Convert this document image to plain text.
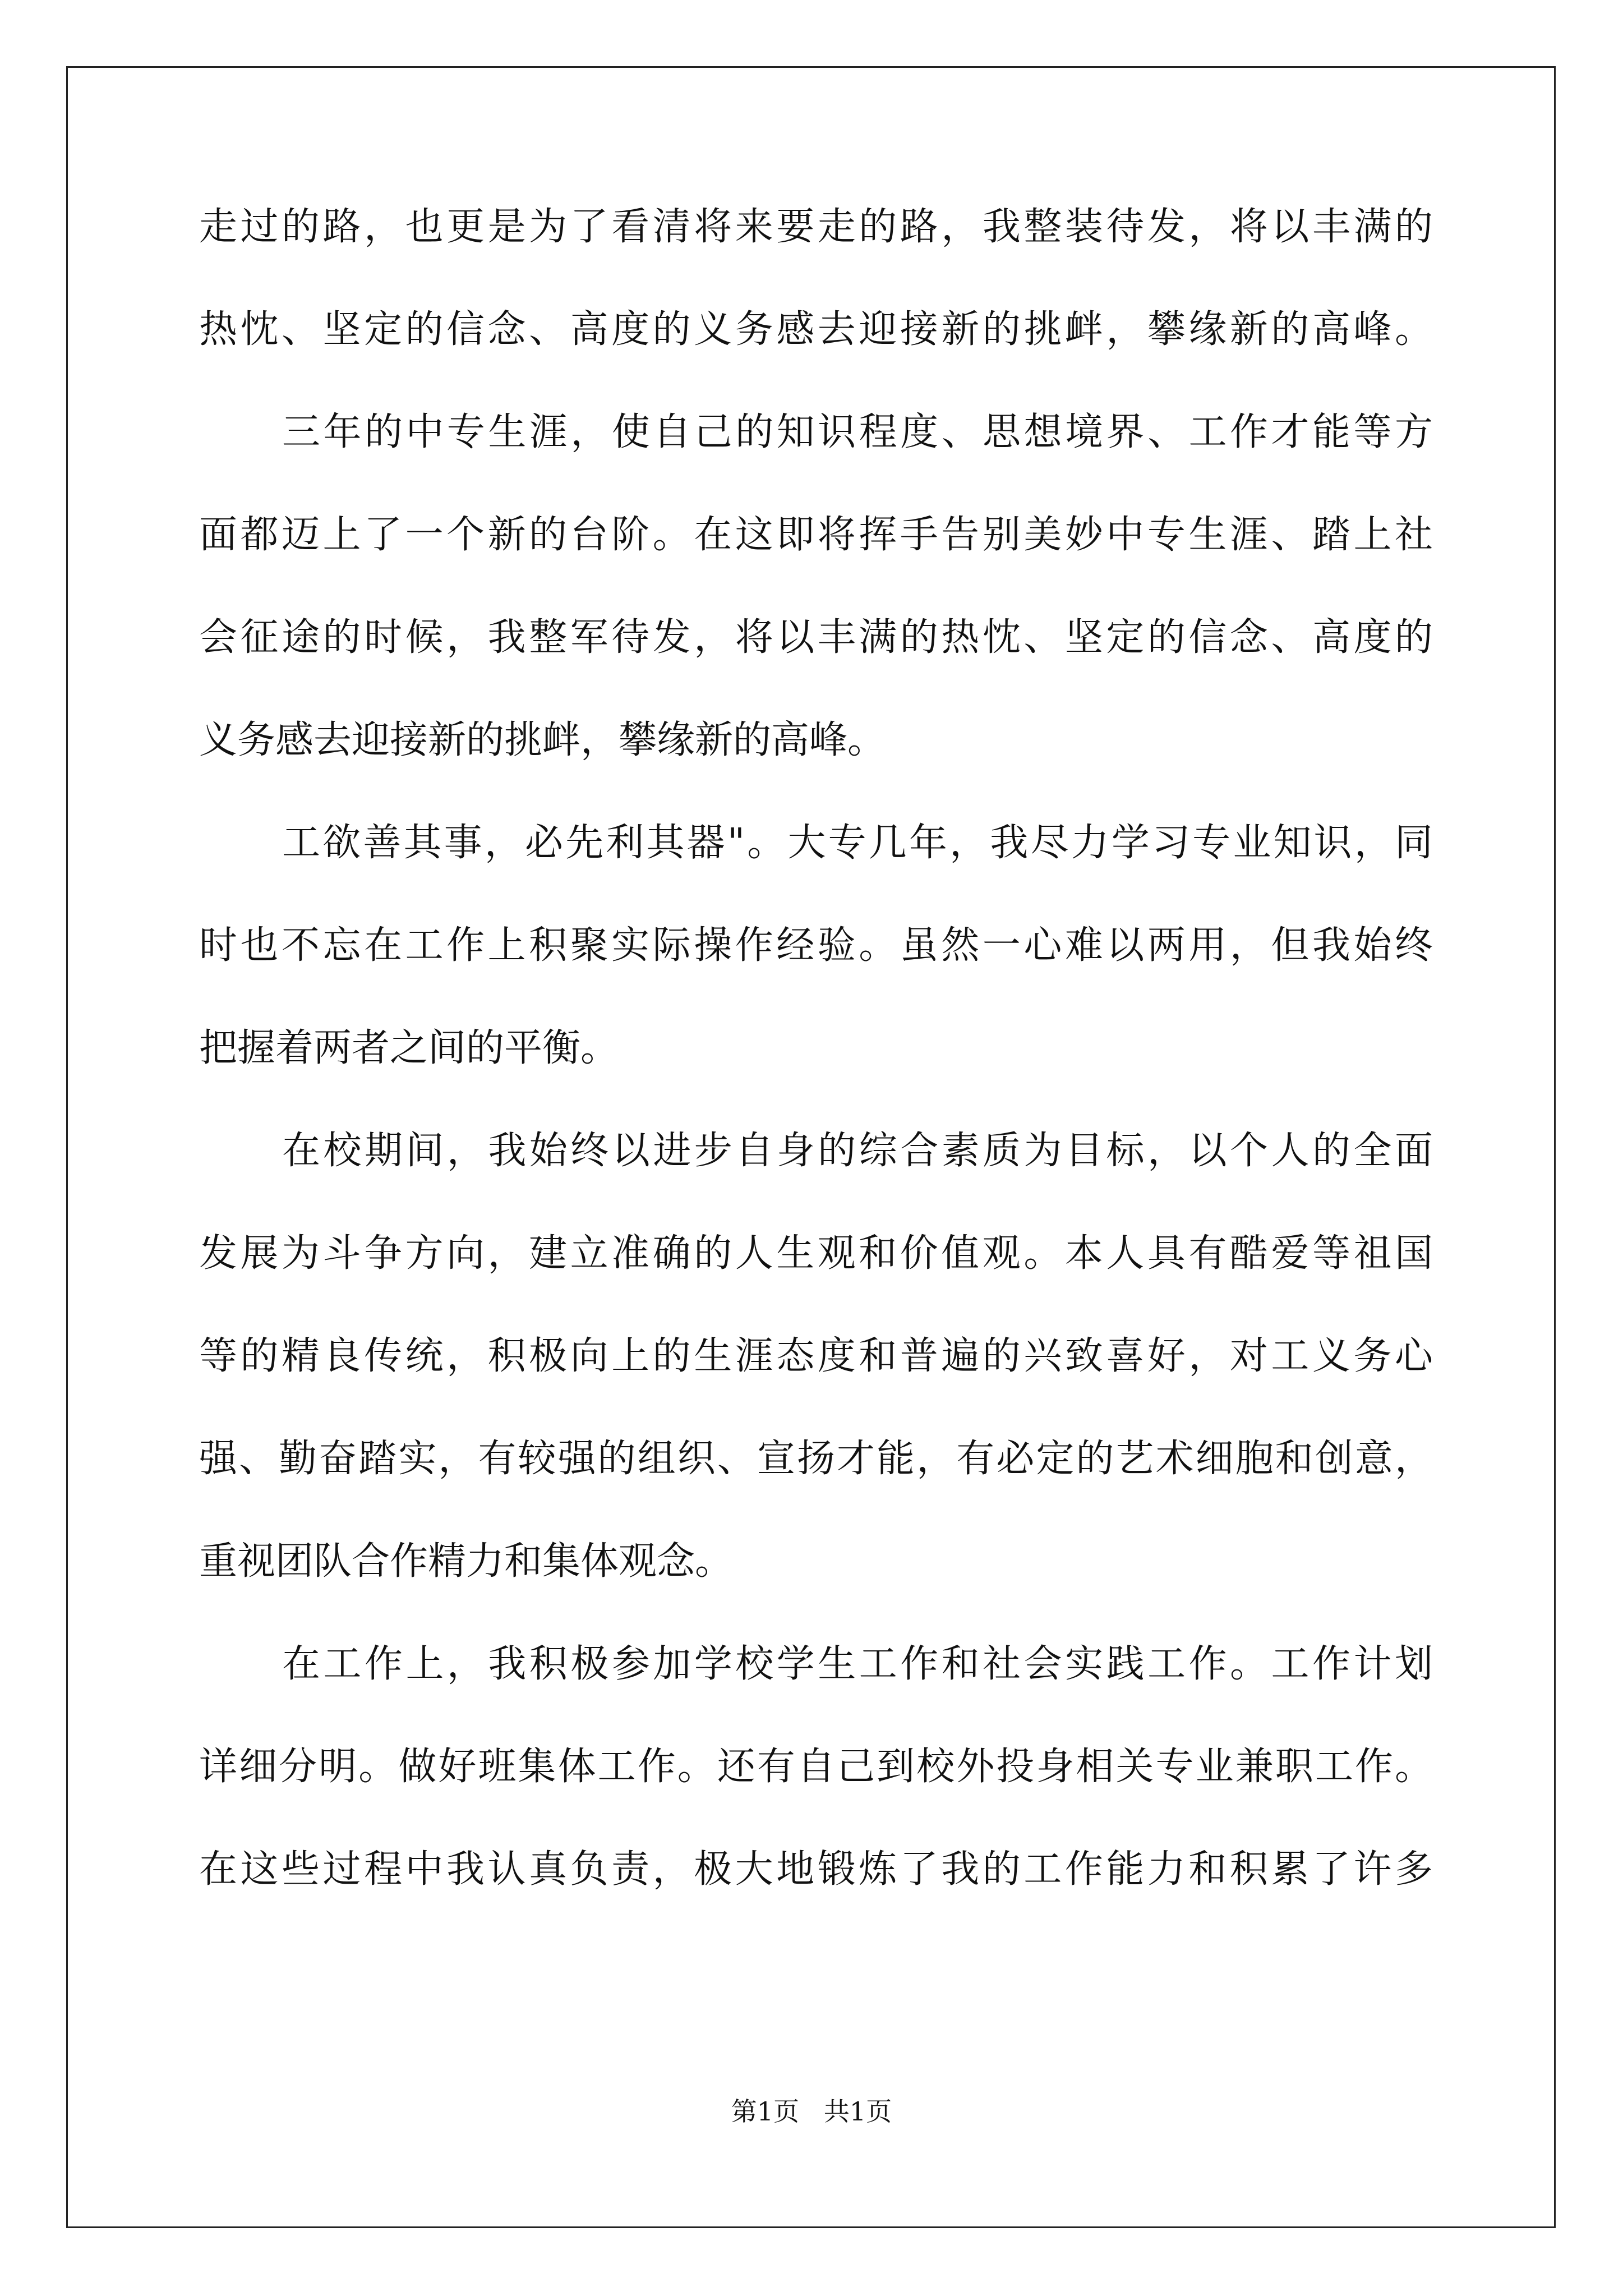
走过的路，也更是为了看清将来要走的路，我整装待发，将以丰满的
热忱、坚定的信念、高度的义务感去迎接新的挑衅，攀缘新的高峰。
三年的中专生涯，使自己的知识程度、思想境界、工作才能等方
面都迈上了一个新的台阶。在这即将挥手告别美妙中专生涯、踏上社
会征途的时候，我整军待发，将以丰满的热忱、坚定的信念、高度的
义务感去迎接新的挑衅，攀缘新的高峰。
工欲善其事，必先利其器"。大专几年，我尽力学习专业知识，同
时也不忘在工作上积聚实际操作经验。虽然一心难以两用，但我始终
把握着两者之间的平衡。
在校期间，我始终以进步自身的综合素质为目标，以个人的全面
发展为斗争方向，建立准确的人生观和价值观。本人具有酷爱等祖国
等的精良传统，积极向上的生涯态度和普遍的兴致喜好，对工义务心
强、勤奋踏实，有较强的组织、宣扬才能，有必定的艺术细胞和创意，
重视团队合作精力和集体观念。
在工作上，我积极参加学校学生工作和社会实践工作。工作计划
详细分明。做好班集体工作。还有自己到校外投身相关专业兼职工作。
在这些过程中我认真负责，极大地锻炼了我的工作能力和积累了许多
第1页   共1页
